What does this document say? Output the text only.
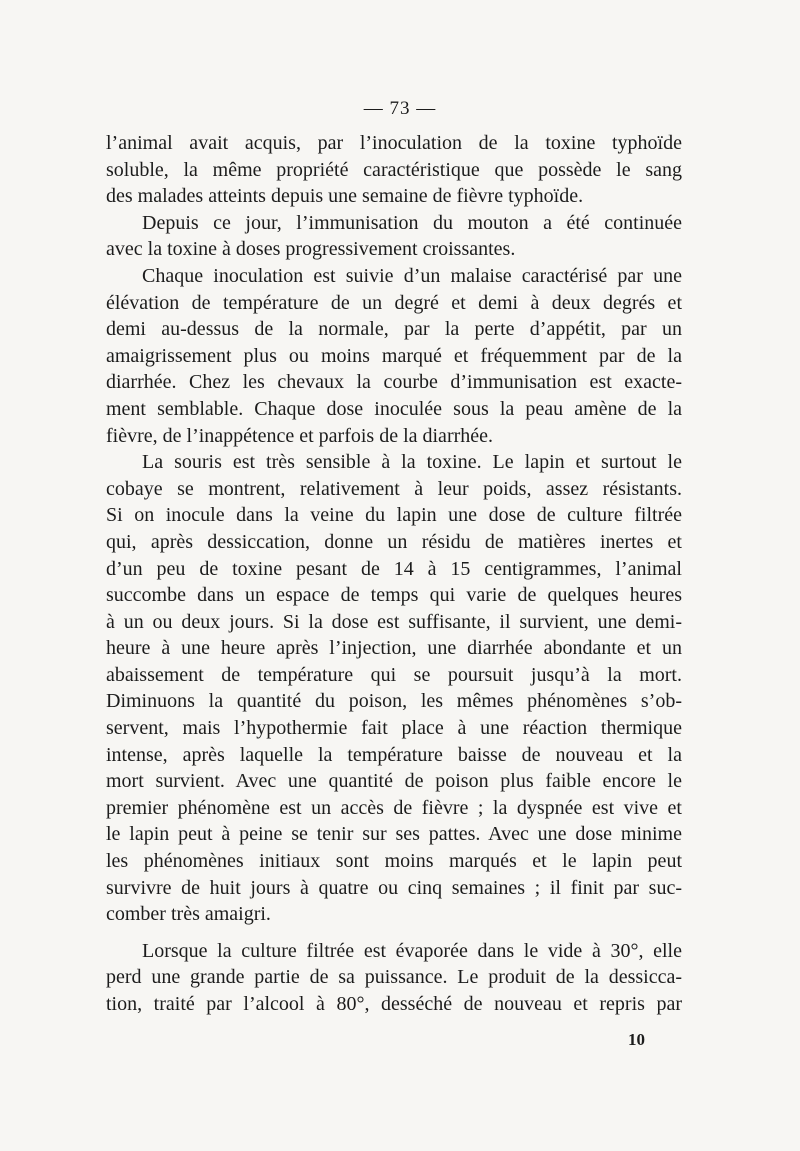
— 73 —
l’animal avait acquis, par l’inoculation de la toxine typhoïde
soluble, la même propriété caractéristique que possède le sang
des malades atteints depuis une semaine de fièvre typhoïde.
Depuis ce jour, l’immunisation du mouton a été continuée
avec la toxine à doses progressivement croissantes.
Chaque inoculation est suivie d’un malaise caractérisé par une
élévation de température de un degré et demi à deux degrés et
demi au-dessus de la normale, par la perte d’appétit, par un
amaigrissement plus ou moins marqué et fréquemment par de la
diarrhée. Chez les chevaux la courbe d’immunisation est exacte-
ment semblable. Chaque dose inoculée sous la peau amène de la
fièvre, de l’inappétence et parfois de la diarrhée.
La souris est très sensible à la toxine. Le lapin et surtout le
cobaye se montrent, relativement à leur poids, assez résistants.
Si on inocule dans la veine du lapin une dose de culture filtrée
qui, après dessiccation, donne un résidu de matières inertes et
d’un peu de toxine pesant de 14 à 15 centigrammes, l’animal
succombe dans un espace de temps qui varie de quelques heures
à un ou deux jours. Si la dose est suffisante, il survient, une demi-
heure à une heure après l’injection, une diarrhée abondante et un
abaissement de température qui se poursuit jusqu’à la mort.
Diminuons la quantité du poison, les mêmes phénomènes s’ob-
servent, mais l’hypothermie fait place à une réaction thermique
intense, après laquelle la température baisse de nouveau et la
mort survient. Avec une quantité de poison plus faible encore le
premier phénomène est un accès de fièvre ; la dyspnée est vive et
le lapin peut à peine se tenir sur ses pattes. Avec une dose minime
les phénomènes initiaux sont moins marqués et le lapin peut
survivre de huit jours à quatre ou cinq semaines ; il finit par suc-
comber très amaigri.
Lorsque la culture filtrée est évaporée dans le vide à 30°, elle
perd une grande partie de sa puissance. Le produit de la dessicca-
tion, traité par l’alcool à 80°, desséché de nouveau et repris par
10
